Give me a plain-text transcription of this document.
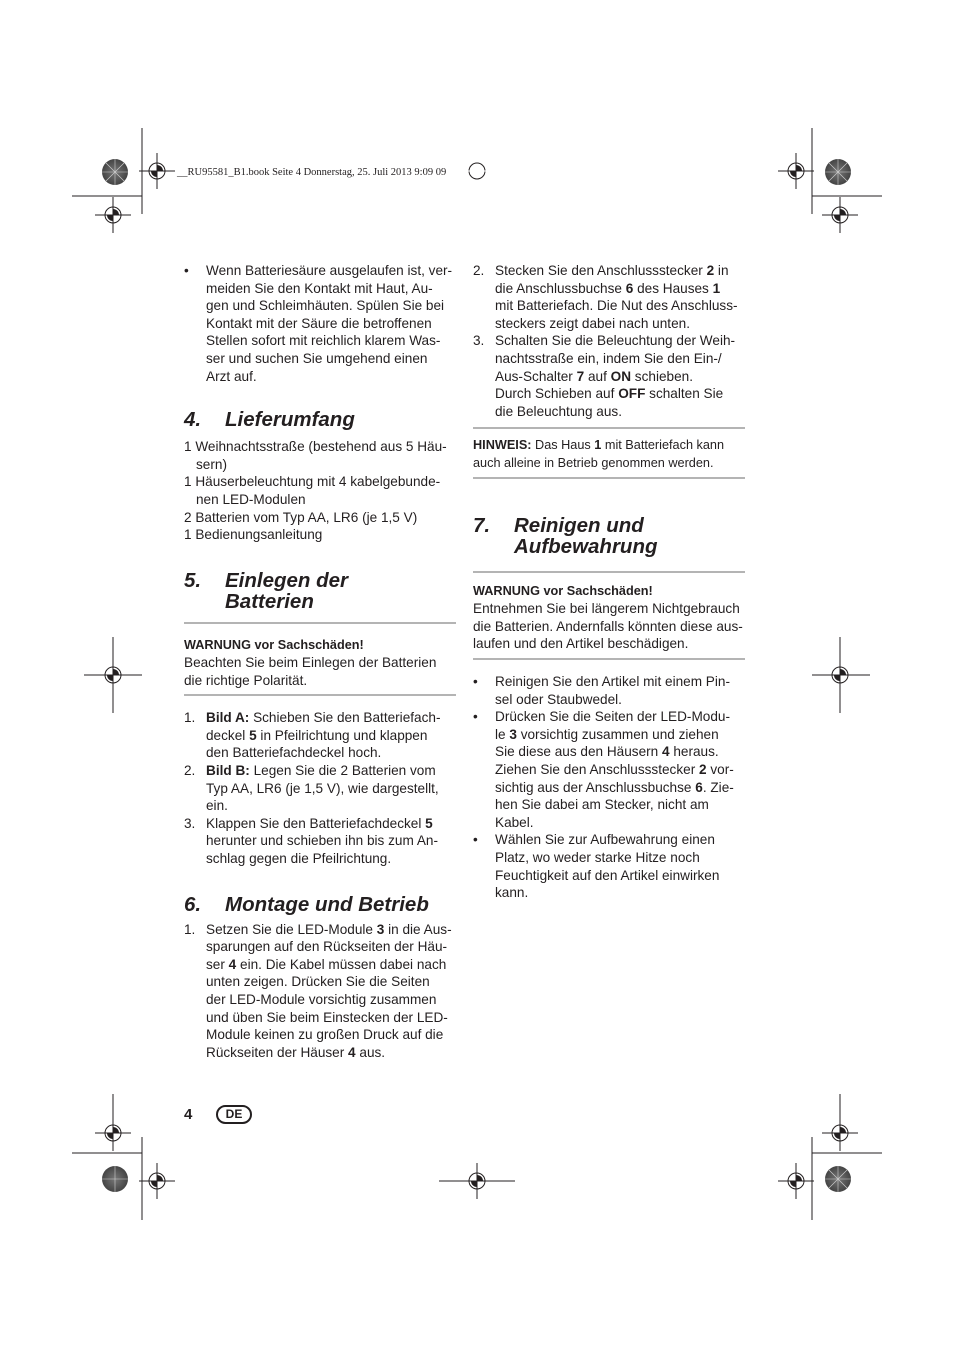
__RU95581_B1.book Seite 4 Donnerstag, 25. Juli 2013 9:09 09
• Wenn Batteriesäure ausgelaufen ist, ver-
meiden Sie den Kontakt mit Haut, Au-
gen und Schleimhäuten. Spülen Sie bei
Kontakt mit der Säure die betroffenen
Stellen sofort mit reichlich klarem Was-
ser und suchen Sie umgehend einen
Arzt auf.

4. Lieferumfang

1 Weihnachtsstraße (bestehend aus 5 Häu-
sern)

1 Häuserbeleuchtung mit 4 kabelgebunde-
nen LED-Modulen

2 Batterien vom Typ AA, LR6 (je 1,5 V)

1 Bedienungsanleitung

5. Einlegen der
Batterien

WARNUNG vor Sachschäden!

Beachten Sie beim Einlegen der Batterien
die richtige Polarität.

1. Bild A: Schieben Sie den Batteriefach-
deckel 5 in Pfeilrichtung und klappen
den Batteriefachdeckel hoch.

2. Bild B: Legen Sie die 2 Batterien vom
Typ AA, LR6 (je 1,5 V), wie dargestellt,
ein.

3. Klappen Sie den Batteriefachdeckel 5
herunter und schieben ihn bis zum An-
schlag gegen die Pfeilrichtung.

6. Montage und Betrieb
1. Setzen Sie die LED-Module 3 in die Aus-
sparungen auf den Rückseiten der Häu-
ser 4 ein. Die Kabel müssen dabei nach
unten zeigen. Drücken Sie die Seiten
der LED-Module vorsichtig zusammen
und üben Sie beim Einstecken der LED-
Module keinen zu großen Druck auf die
Rückseiten der Häuser 4 aus.

2. Stecken Sie den Anschlussstecker 2 in
die Anschlussbuchse 6 des Hauses 1
mit Batteriefach. Die Nut des Anschluss-
steckers zeigt dabei nach unten.

3. Schalten Sie die Beleuchtung der Weih-
nachtsstraße ein, indem Sie den Ein-/
Aus-Schalter 7 auf ON schieben.
Durch Schieben auf OFF schalten Sie
die Beleuchtung aus.

HINWEIS: Das Haus 1 mit Batteriefach kann
auch alleine in Betrieb genommen werden.

7. Reinigen und
Aufbewahrung

WARNUNG vor Sachschäden!

Entnehmen Sie bei längerem Nichtgebrauch
die Batterien. Andernfalls könnten diese aus-
laufen und den Artikel beschädigen.

• Reinigen Sie den Artikel mit einem Pin-
sel oder Staubwedel.

• Drücken Sie die Seiten der LED-Modu-
le 3 vorsichtig zusammen und ziehen
Sie diese aus den Häusern 4 heraus.
Ziehen Sie den Anschlussstecker 2 vor-
sichtig aus der Anschlussbuchse 6. Zie-
hen Sie dabei am Stecker, nicht am
Kabel.

• Wählen Sie zur Aufbewahrung einen
Platz, wo weder starke Hitze noch
Feuchtigkeit auf den Artikel einwirken
kann.

4	DE
